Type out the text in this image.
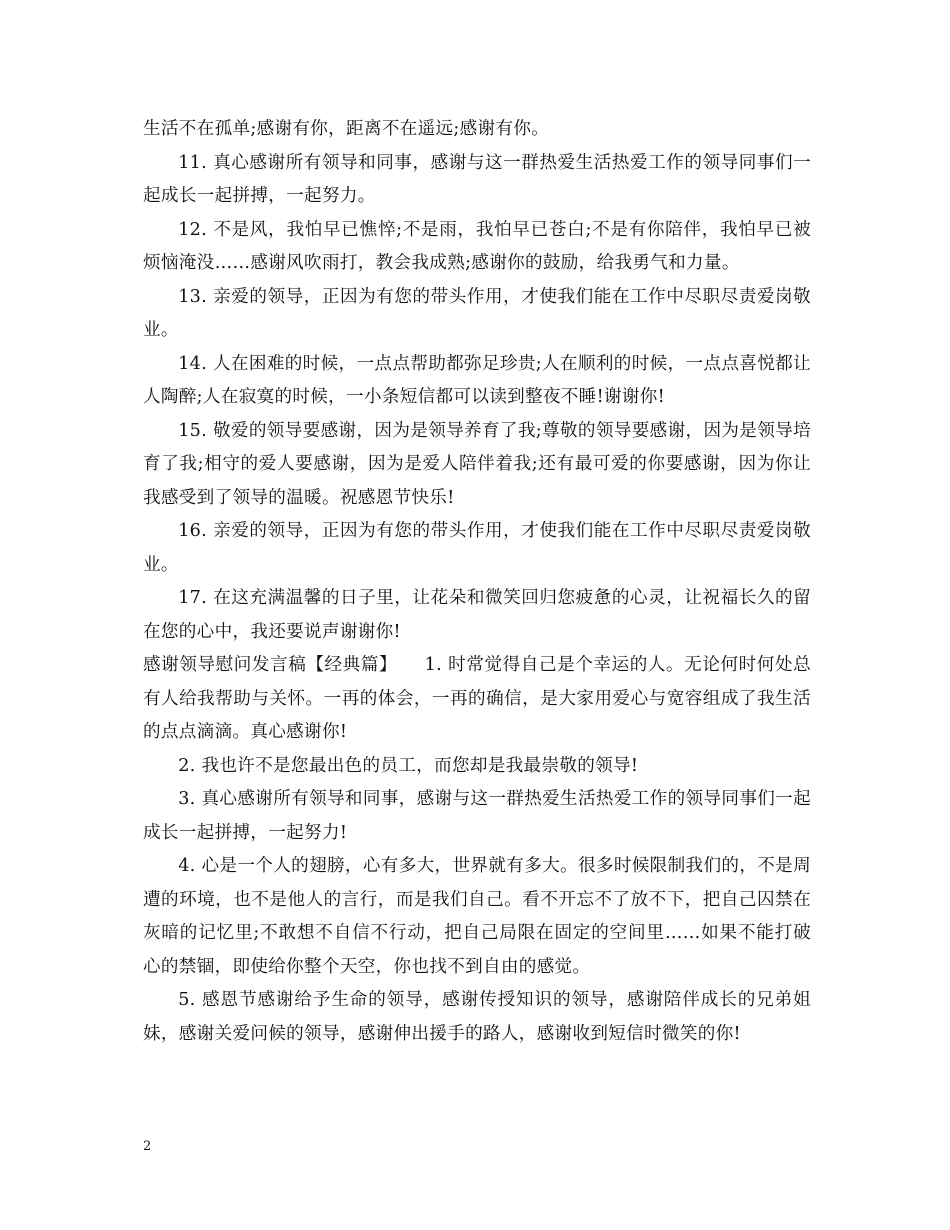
生活不在孤单;感谢有你，距离不在遥远;感谢有你。

11. 真心感谢所有领导和同事，感谢与这一群热爱生活热爱工作的领导同事们一起成长一起拼搏，一起努力。

12. 不是风，我怕早已憔悴;不是雨，我怕早已苍白;不是有你陪伴，我怕早已被烦恼淹没……感谢风吹雨打，教会我成熟;感谢你的鼓励，给我勇气和力量。

13. 亲爱的领导，正因为有您的带头作用，才使我们能在工作中尽职尽责爱岗敬业。

14. 人在困难的时候，一点点帮助都弥足珍贵;人在顺利的时候，一点点喜悦都让人陶醉;人在寂寞的时候，一小条短信都可以读到整夜不睡!谢谢你!

15. 敬爱的领导要感谢，因为是领导养育了我;尊敬的领导要感谢，因为是领导培育了我;相守的爱人要感谢，因为是爱人陪伴着我;还有最可爱的你要感谢，因为你让我感受到了领导的温暖。祝感恩节快乐!

16. 亲爱的领导，正因为有您的带头作用，才使我们能在工作中尽职尽责爱岗敬业。

17. 在这充满温馨的日子里，让花朵和微笑回归您疲惫的心灵，让祝福长久的留在您的心中，我还要说声谢谢你!

感谢领导慰问发言稿【经典篇】　　1. 时常觉得自己是个幸运的人。无论何时何处总有人给我帮助与关怀。一再的体会，一再的确信，是大家用爱心与宽容组成了我生活的点点滴滴。真心感谢你!

2. 我也许不是您最出色的员工，而您却是我最崇敬的领导!

3. 真心感谢所有领导和同事，感谢与这一群热爱生活热爱工作的领导同事们一起成长一起拼搏，一起努力!

4. 心是一个人的翅膀，心有多大，世界就有多大。很多时候限制我们的，不是周遭的环境，也不是他人的言行，而是我们自己。看不开忘不了放不下，把自己囚禁在灰暗的记忆里;不敢想不自信不行动，把自己局限在固定的空间里……如果不能打破心的禁锢，即使给你整个天空，你也找不到自由的感觉。

5. 感恩节感谢给予生命的领导，感谢传授知识的领导，感谢陪伴成长的兄弟姐妹，感谢关爱问候的领导，感谢伸出援手的路人，感谢收到短信时微笑的你!

2
